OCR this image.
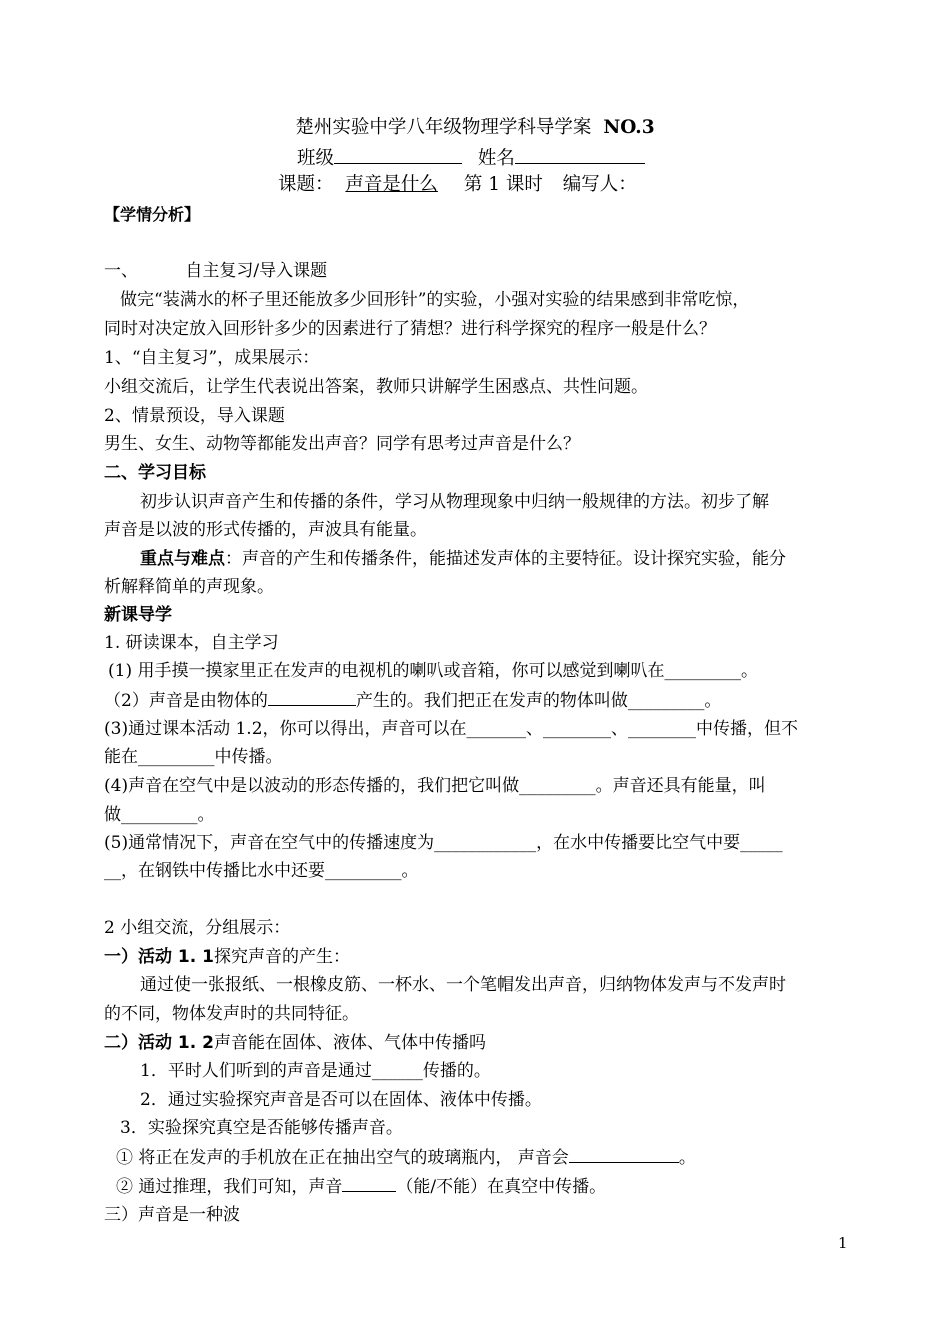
楚州实验中学八年级物理学科导学案 NO.3
班级	姓名
课题： 声音是什么 第 1 课时 编写人：
【学情分析】
一、	自主复习/导入课题
做完“装满水的杯子里还能放多少回形针”的实验，小强对实验的结果感到非常吃惊，
同时对决定放入回形针多少的因素进行了猜想？进行科学探究的程序一般是什么？
1、“自主复习”，成果展示：
小组交流后，让学生代表说出答案，教师只讲解学生困惑点、共性问题。
2、情景预设，导入课题
男生、女生、动物等都能发出声音？同学有思考过声音是什么？
二、学习目标
初步认识声音产生和传播的条件，学习从物理现象中归纳一般规律的方法。初步了解
声音是以波的形式传播的，声波具有能量。
重点与难点：声音的产生和传播条件，能描述发声体的主要特征。设计探究实验，能分
析解释简单的声现象。
新课导学
1. 研读课本，自主学习
(1) 用手摸一摸家里正在发声的电视机的喇叭或音箱，你可以感觉到喇叭在_________。
（2）声音是由物体的	产生的。我们把正在发声的物体叫做_________。
(3)通过课本活动 1.2，你可以得出，声音可以在_______、________、________中传播，但不
能在_________中传播。
(4)声音在空气中是以波动的形态传播的，我们把它叫做_________。声音还具有能量，叫
做_________。
(5)通常情况下，声音在空气中的传播速度为____________，在水中传播要比空气中要_____
__，在钢铁中传播比水中还要_________。
2 小组交流，分组展示：
一）活动 1. 1探究声音的产生：
通过使一张报纸、一根橡皮筋、一杯水、一个笔帽发出声音，归纳物体发声与不发声时
的不同，物体发声时的共同特征。
二）活动 1. 2声音能在固体、液体、气体中传播吗
1．平时人们听到的声音是通过______传播的。
2．通过实验探究声音是否可以在固体、液体中传播。
3．实验探究真空是否能够传播声音。
① 将正在发声的手机放在正在抽出空气的玻璃瓶内， 声音会	。
② 通过推理，我们可知，声音	（能/不能）在真空中传播。
三）声音是一种波
1
